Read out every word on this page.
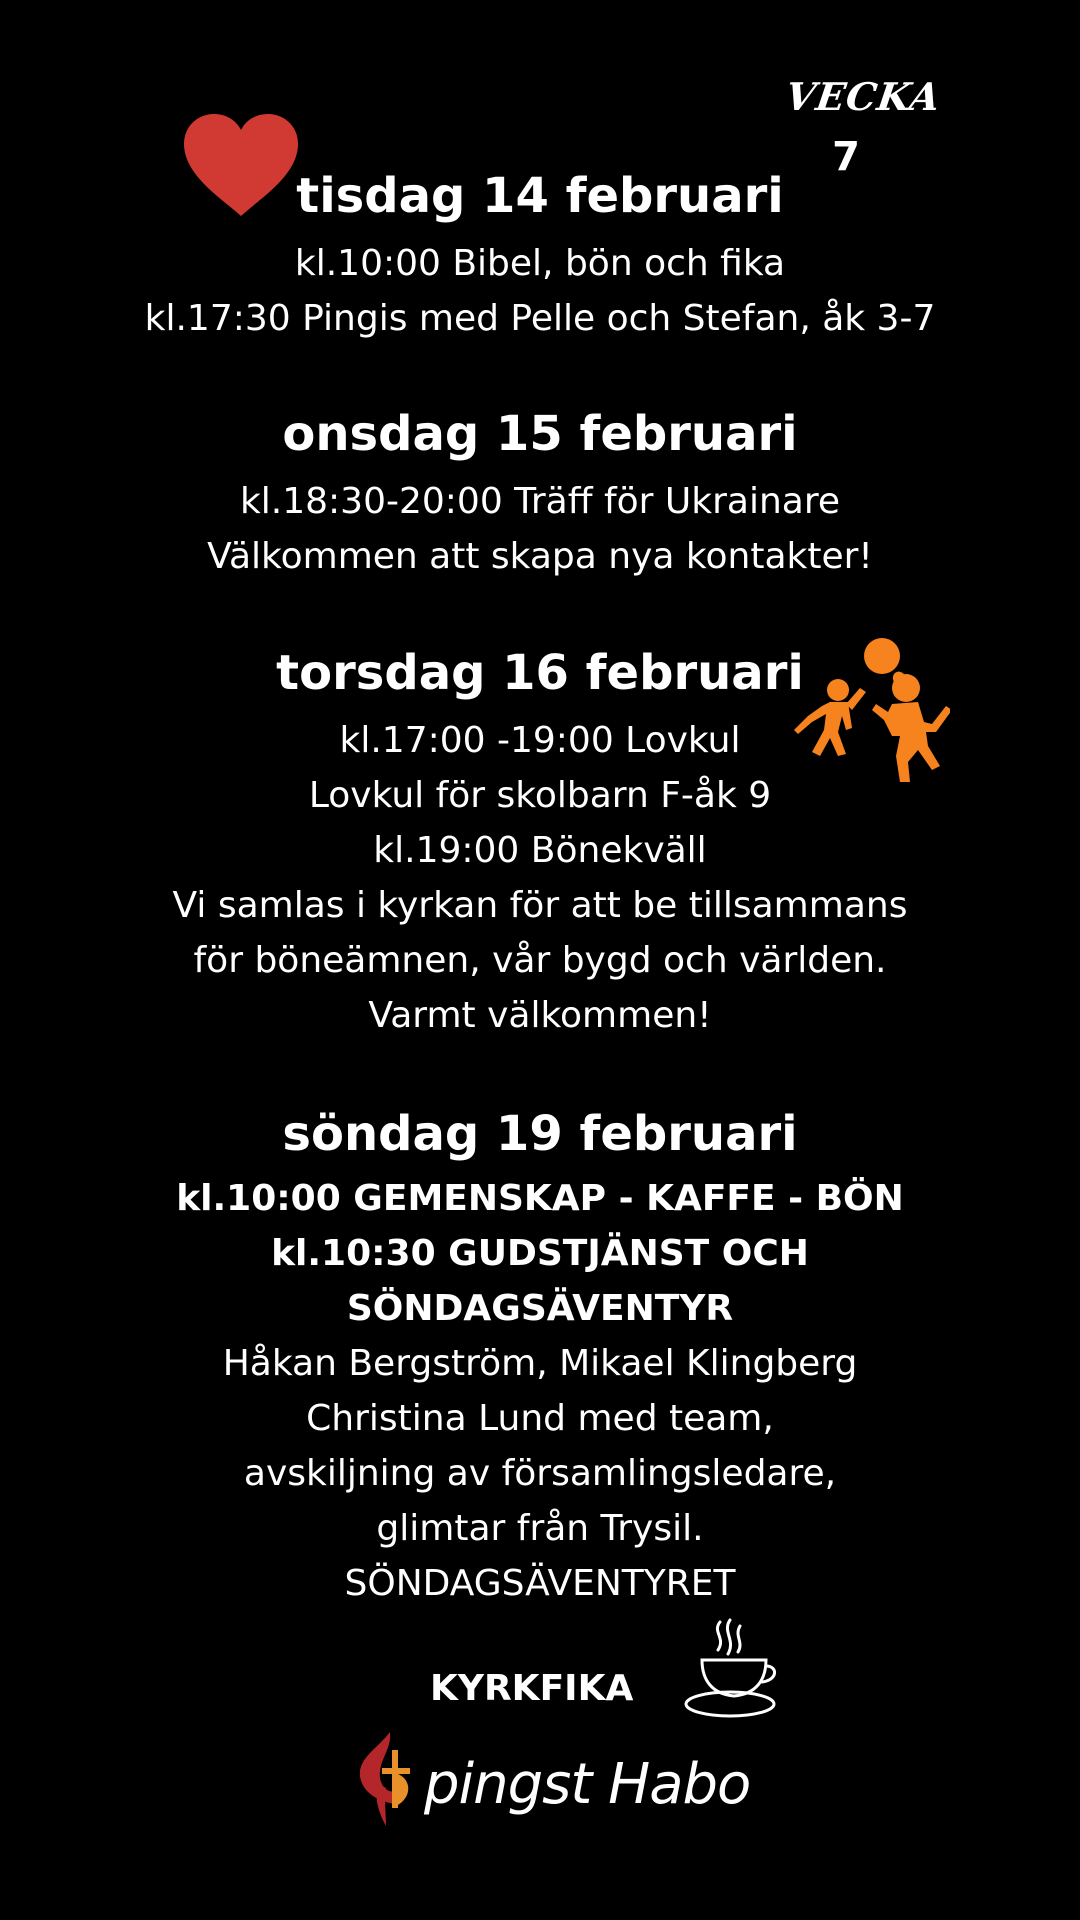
VECKA
7
tisdag 14 februari
kl.10:00 Bibel, bön och fika
kl.17:30 Pingis med Pelle och Stefan, åk 3-7
onsdag 15 februari
kl.18:30-20:00 Träff för Ukrainare
Välkommen att skapa nya kontakter!
torsdag 16 februari
kl.17:00 -19:00 Lovkul
Lovkul för skolbarn F-åk 9
kl.19:00 Bönekväll
Vi samlas i kyrkan för att be tillsammans
för böneämnen, vår bygd och världen.
Varmt välkommen!
söndag 19 februari
kl.10:00 GEMENSKAP - KAFFE - BÖN
kl.10:30 GUDSTJÄNST OCH
SÖNDAGSÄVENTYR
Håkan Bergström, Mikael Klingberg
Christina Lund med team,
avskiljning av församlingsledare,
glimtar från Trysil.
SÖNDAGSÄVENTYRET
KYRKFIKA
pingst Habo
